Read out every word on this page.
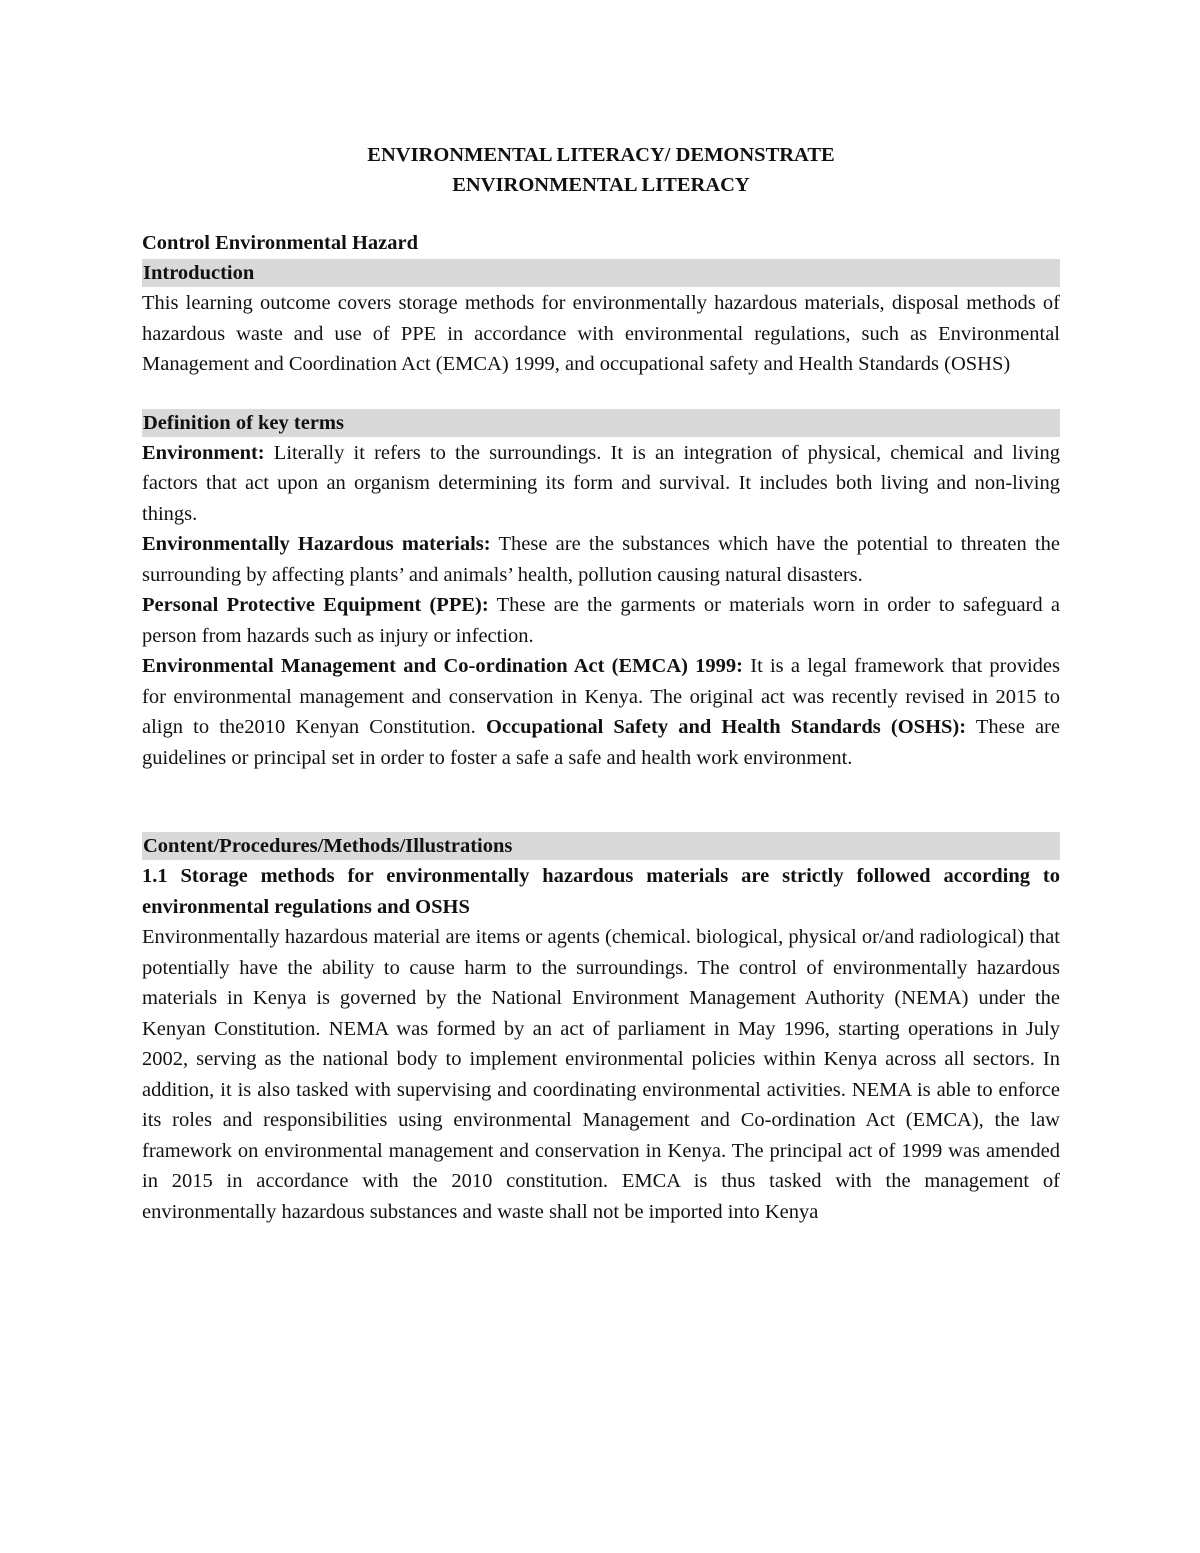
ENVIRONMENTAL LITERACY/ DEMONSTRATE
ENVIRONMENTAL LITERACY
Control Environmental Hazard
Introduction

This learning outcome covers storage methods for environmentally hazardous materials, disposal methods of hazardous waste and use of PPE in accordance with environmental regulations, such as Environmental Management and Coordination Act (EMCA) 1999, and occupational safety and Health Standards (OSHS)

Definition of key terms

Environment: Literally it refers to the surroundings. It is an integration of physical, chemical and living factors that act upon an organism determining its form and survival. It includes both living and non-living things.

Environmentally Hazardous materials: These are the substances which have the potential to threaten the surrounding by affecting plants’ and animals’ health, pollution causing natural disasters.

Personal Protective Equipment (PPE): These are the garments or materials worn in order to safeguard a person from hazards such as injury or infection.

Environmental Management and Co-ordination Act (EMCA) 1999: It is a legal framework that provides for environmental management and conservation in Kenya. The original act was recently revised in 2015 to align to the2010 Kenyan Constitution. Occupational Safety and Health Standards (OSHS): These are guidelines or principal set in order to foster a safe a safe and health work environment.

Content/Procedures/Methods/Illustrations

1.1 Storage methods for environmentally hazardous materials are strictly followed according to environmental regulations and OSHS

Environmentally hazardous material are items or agents (chemical. biological, physical or/and radiological) that potentially have the ability to cause harm to the surroundings. The control of environmentally hazardous materials in Kenya is governed by the National Environment Management Authority (NEMA) under the Kenyan Constitution. NEMA was formed by an act of parliament in May 1996, starting operations in July 2002, serving as the national body to implement environmental policies within Kenya across all sectors. In addition, it is also tasked with supervising and coordinating environmental activities. NEMA is able to enforce its roles and responsibilities using environmental Management and Co-ordination Act (EMCA), the law framework on environmental management and conservation in Kenya. The principal act of 1999 was amended in 2015 in accordance with the 2010 constitution. EMCA is thus tasked with the management of environmentally hazardous substances and waste shall not be imported into Kenya
